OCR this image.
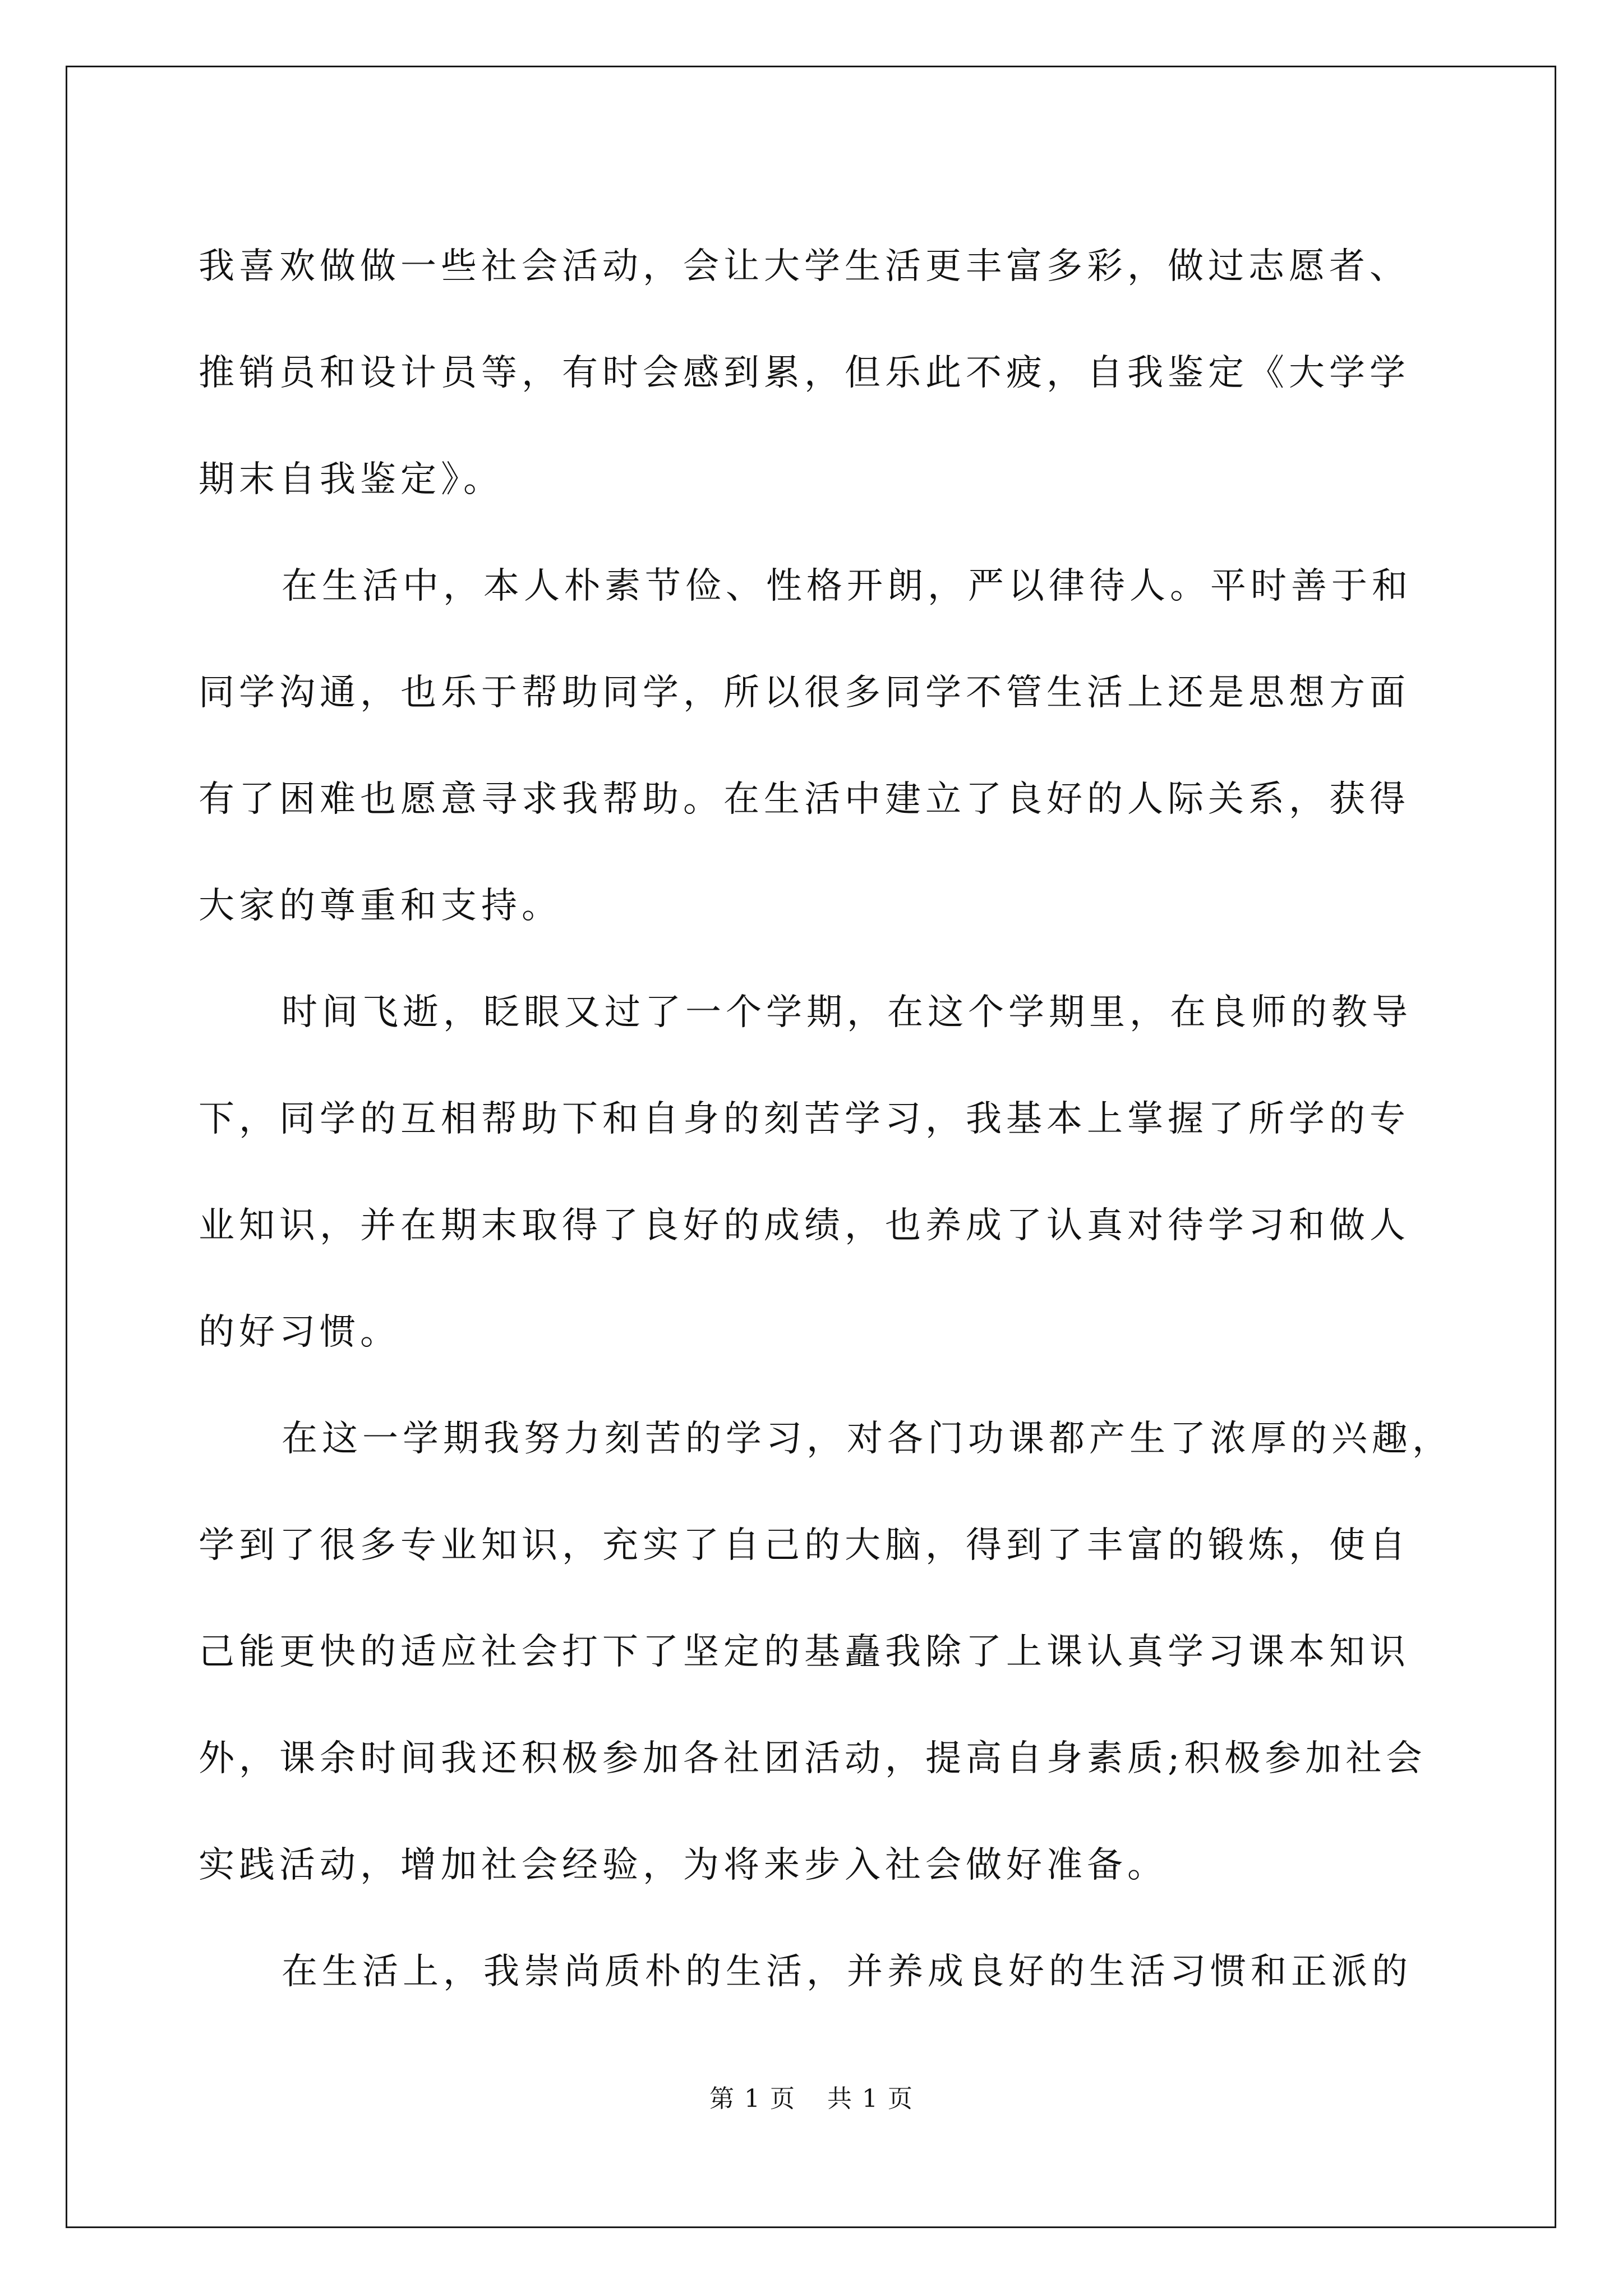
我喜欢做做一些社会活动，会让大学生活更丰富多彩，做过志愿者、
推销员和设计员等，有时会感到累，但乐此不疲，自我鉴定《大学学
期末自我鉴定》。
在生活中，本人朴素节俭、性格开朗，严以律待人。平时善于和
同学沟通，也乐于帮助同学，所以很多同学不管生活上还是思想方面
有了困难也愿意寻求我帮助。在生活中建立了良好的人际关系，获得
大家的尊重和支持。
时间飞逝，眨眼又过了一个学期，在这个学期里，在良师的教导
下，同学的互相帮助下和自身的刻苦学习，我基本上掌握了所学的专
业知识，并在期末取得了良好的成绩，也养成了认真对待学习和做人
的好习惯。
在这一学期我努力刻苦的学习，对各门功课都产生了浓厚的兴趣，
学到了很多专业知识，充实了自己的大脑，得到了丰富的锻炼，使自
己能更快的适应社会打下了坚定的基矗我除了上课认真学习课本知识
外，课余时间我还积极参加各社团活动，提高自身素质;积极参加社会
实践活动，增加社会经验，为将来步入社会做好准备。
在生活上，我崇尚质朴的生活，并养成良好的生活习惯和正派的
第 1 页 共 1 页
